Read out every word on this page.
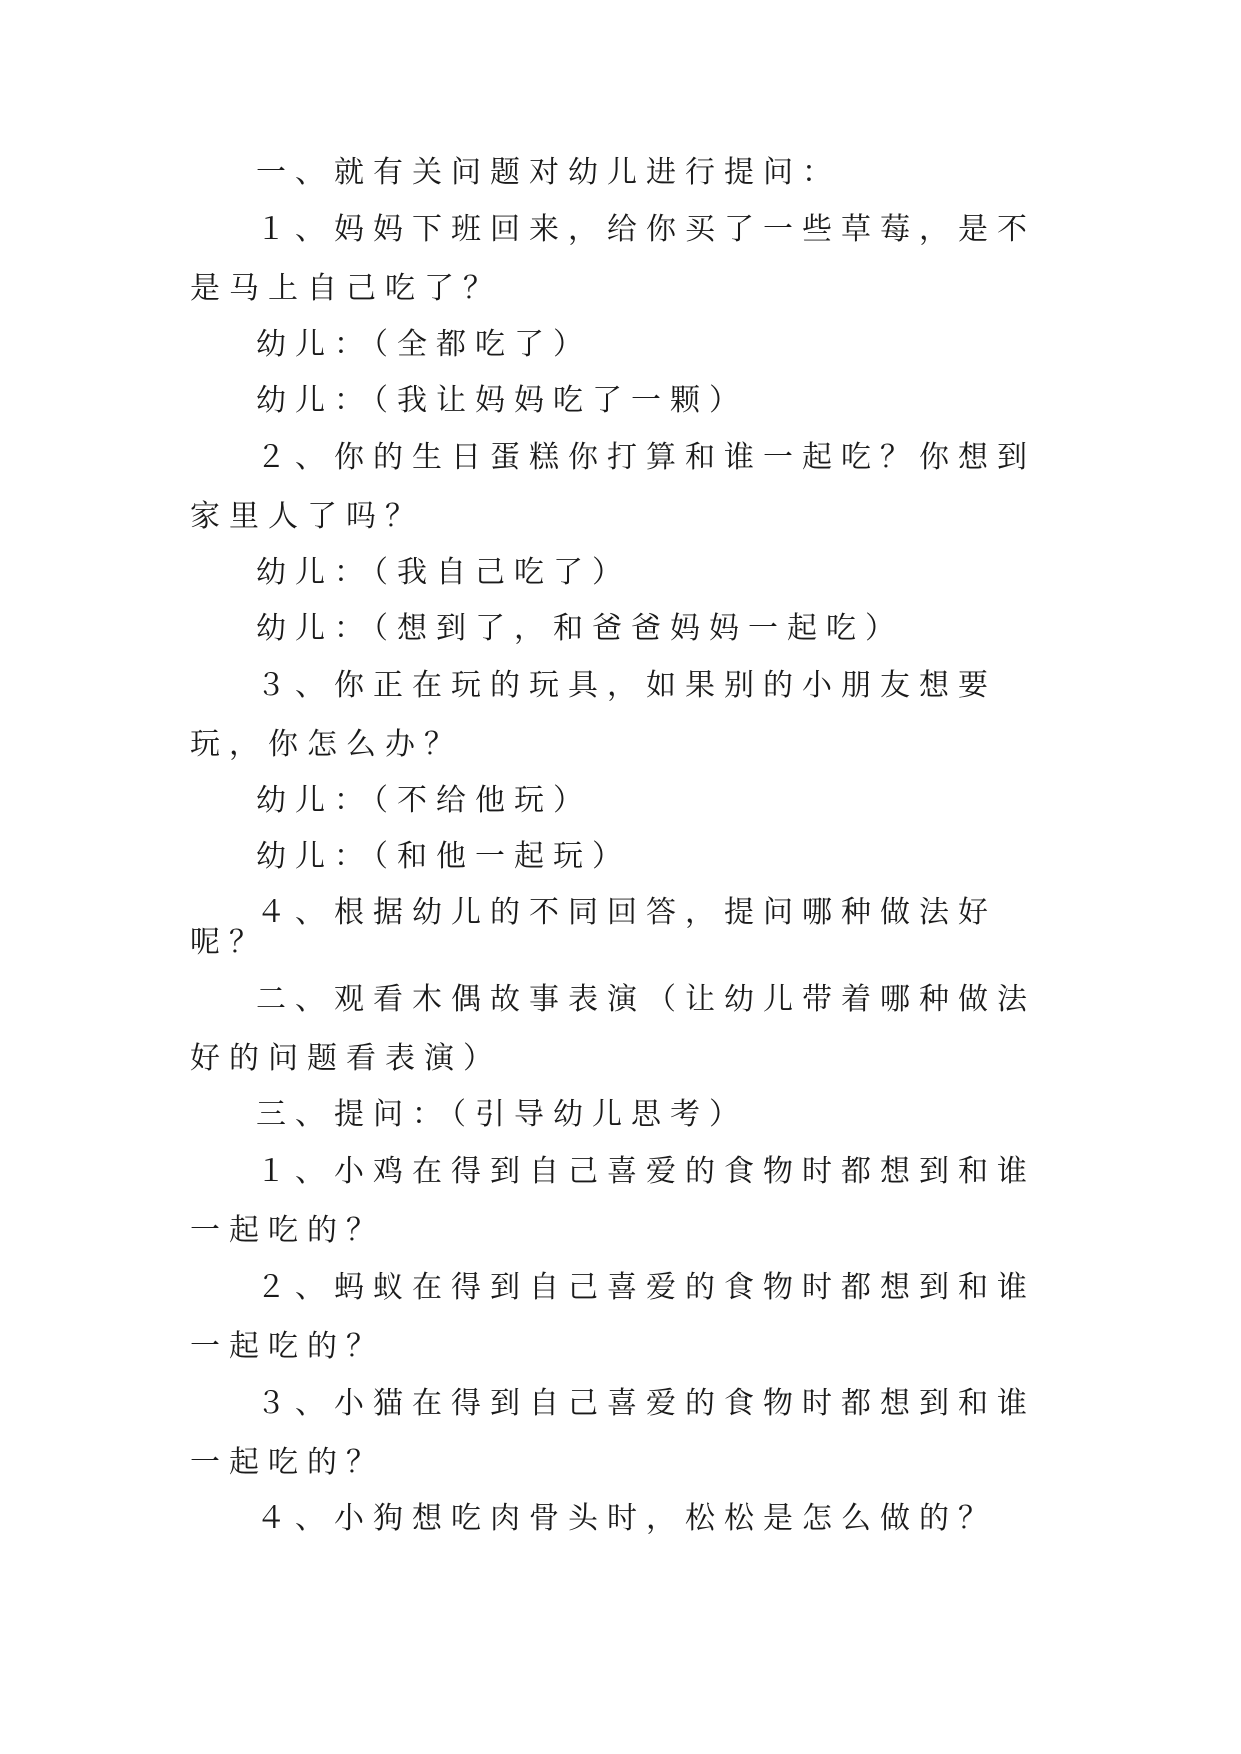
一、就有关问题对幼儿进行提问：

１、妈妈下班回来，给你买了一些草莓，是不是马上自己吃了？

幼儿：（全都吃了）

幼儿：（我让妈妈吃了一颗）

２、你的生日蛋糕你打算和谁一起吃？你想到家里人了吗？

幼儿：（我自己吃了）

幼儿：（想到了，和爸爸妈妈一起吃）

３、你正在玩的玩具，如果别的小朋友想要玩，你怎么办？

幼儿：（不给他玩）

幼儿：（和他一起玩）

４、根据幼儿的不同回答，提问哪种做法好呢？

二、观看木偶故事表演（让幼儿带着哪种做法好的问题看表演）

三、提问：（引导幼儿思考）

１、小鸡在得到自己喜爱的食物时都想到和谁一起吃的？

２、蚂蚁在得到自己喜爱的食物时都想到和谁一起吃的？

３、小猫在得到自己喜爱的食物时都想到和谁一起吃的？

４、小狗想吃肉骨头时，松松是怎么做的？
